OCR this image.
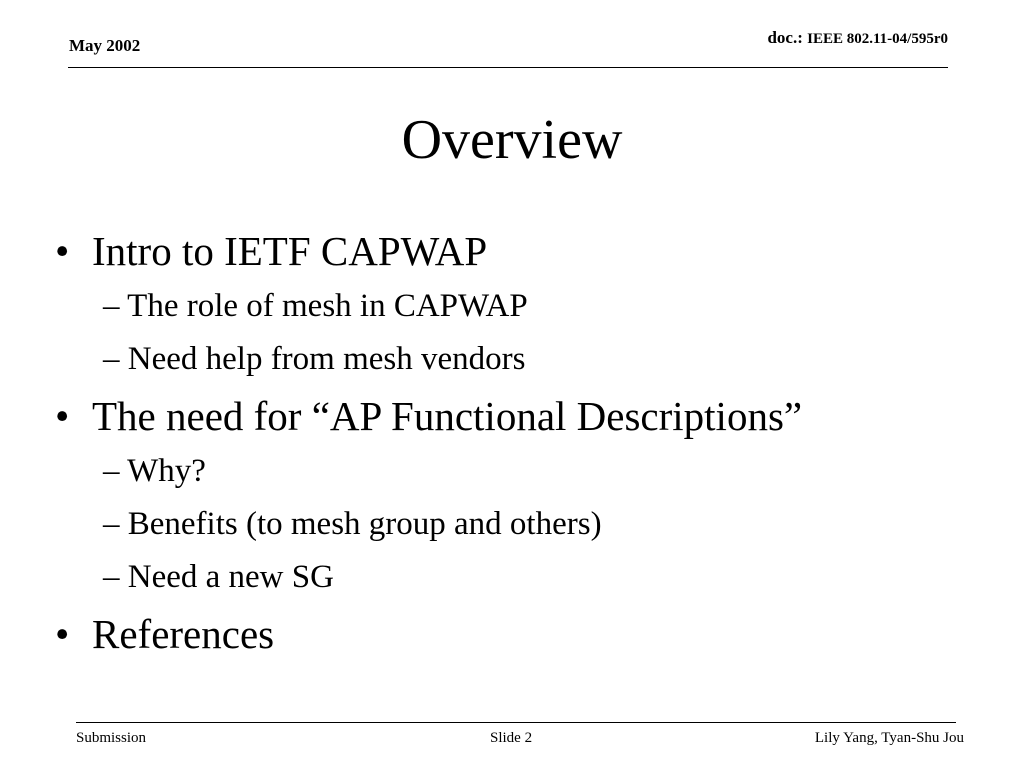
May 2002	doc.: IEEE 802.11-04/595r0
Overview
• Intro to IETF CAPWAP
– The role of mesh in CAPWAP
– Need help from mesh vendors
• The need for “AP Functional Descriptions”
– Why?
– Benefits (to mesh group and others)
– Need a new SG
• References
Submission	Slide 2	Lily Yang, Tyan-Shu Jou
